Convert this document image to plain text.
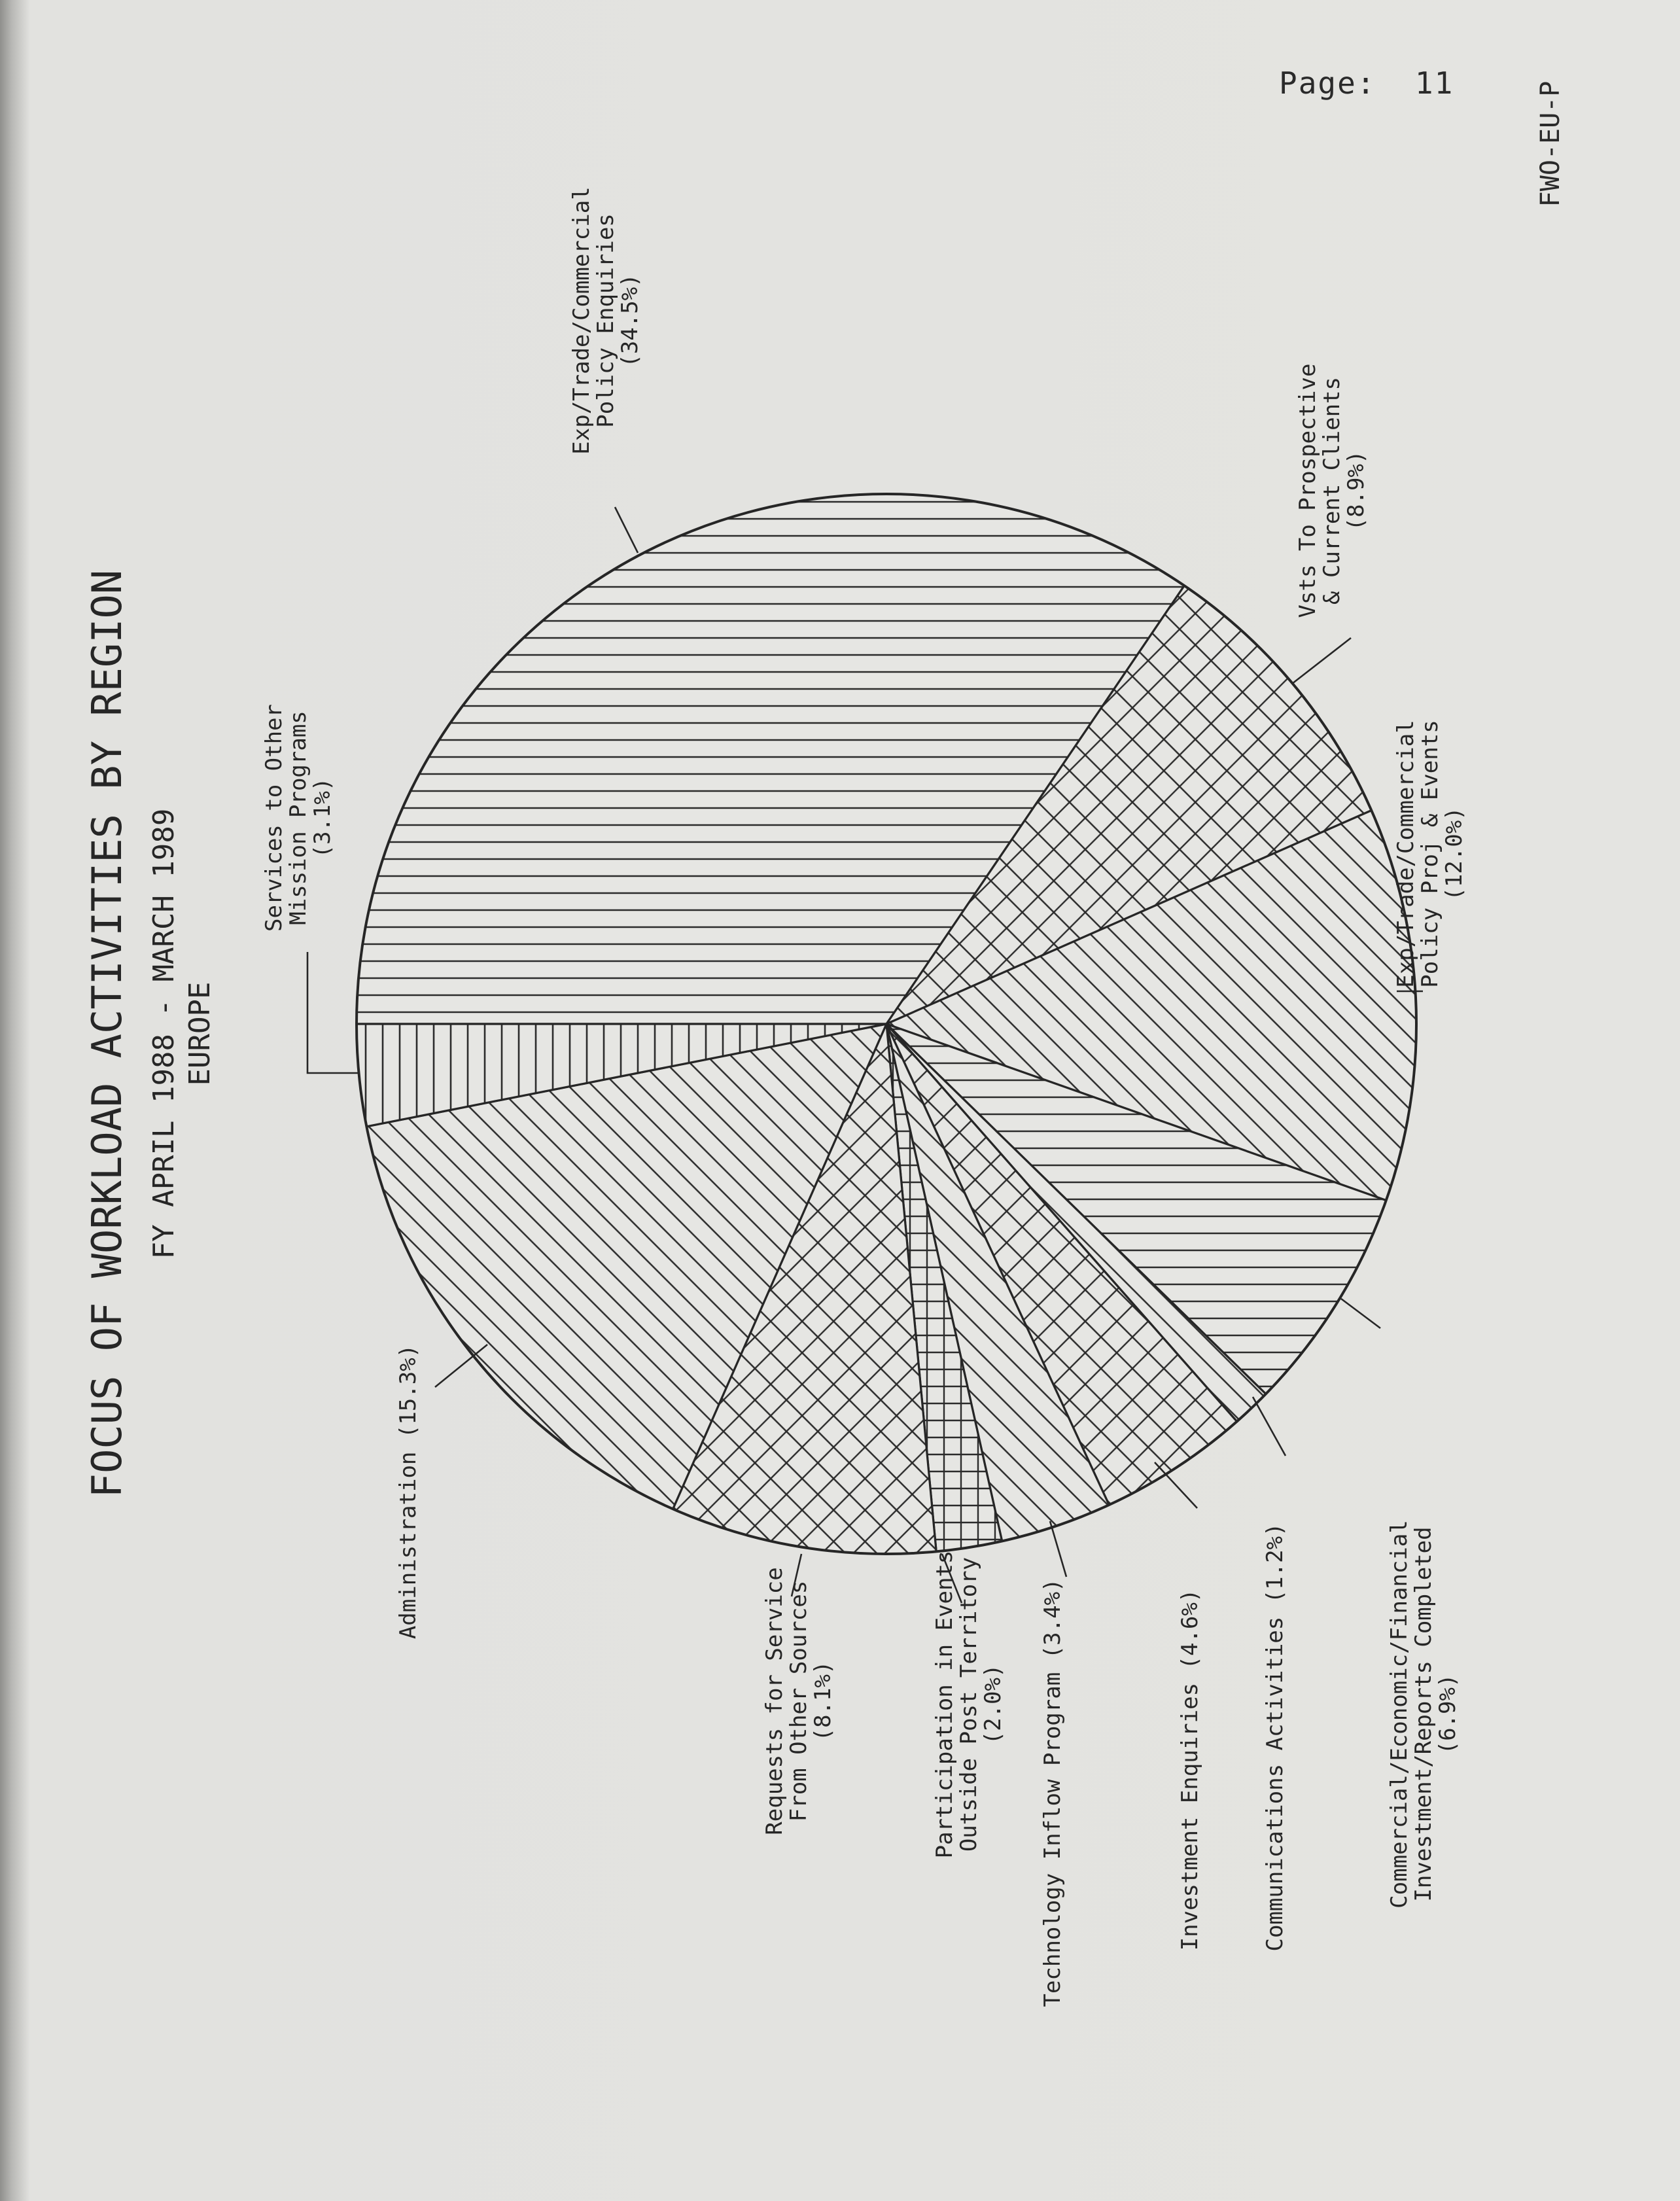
Page: 11	FWO-EU-P
FOCUS OF WORKLOAD ACTIVITIES BY REGION FY APRIL 1988 - MARCH 1989 EUROPE
Exp/Trade/Commercial
Policy Enquiries
(34.5%)
Vsts To Prospective
& Current Clients
(8.9%)
Exp/Trade/Commercial
Policy Proj & Events
(12.0%)
Commercial/Economic/Financial
Investment/Reports Completed
(6.9%)
Communications Activities (1.2%)
Investment Enquiries (4.6%)
Technology Inflow Program (3.4%)
Participation in Events
Outside Post Territory
(2.0%)
Requests for Service
From Other Sources
(8.1%)
Administration (15.3%)
Services to Other
Mission Programs
(3.1%)
